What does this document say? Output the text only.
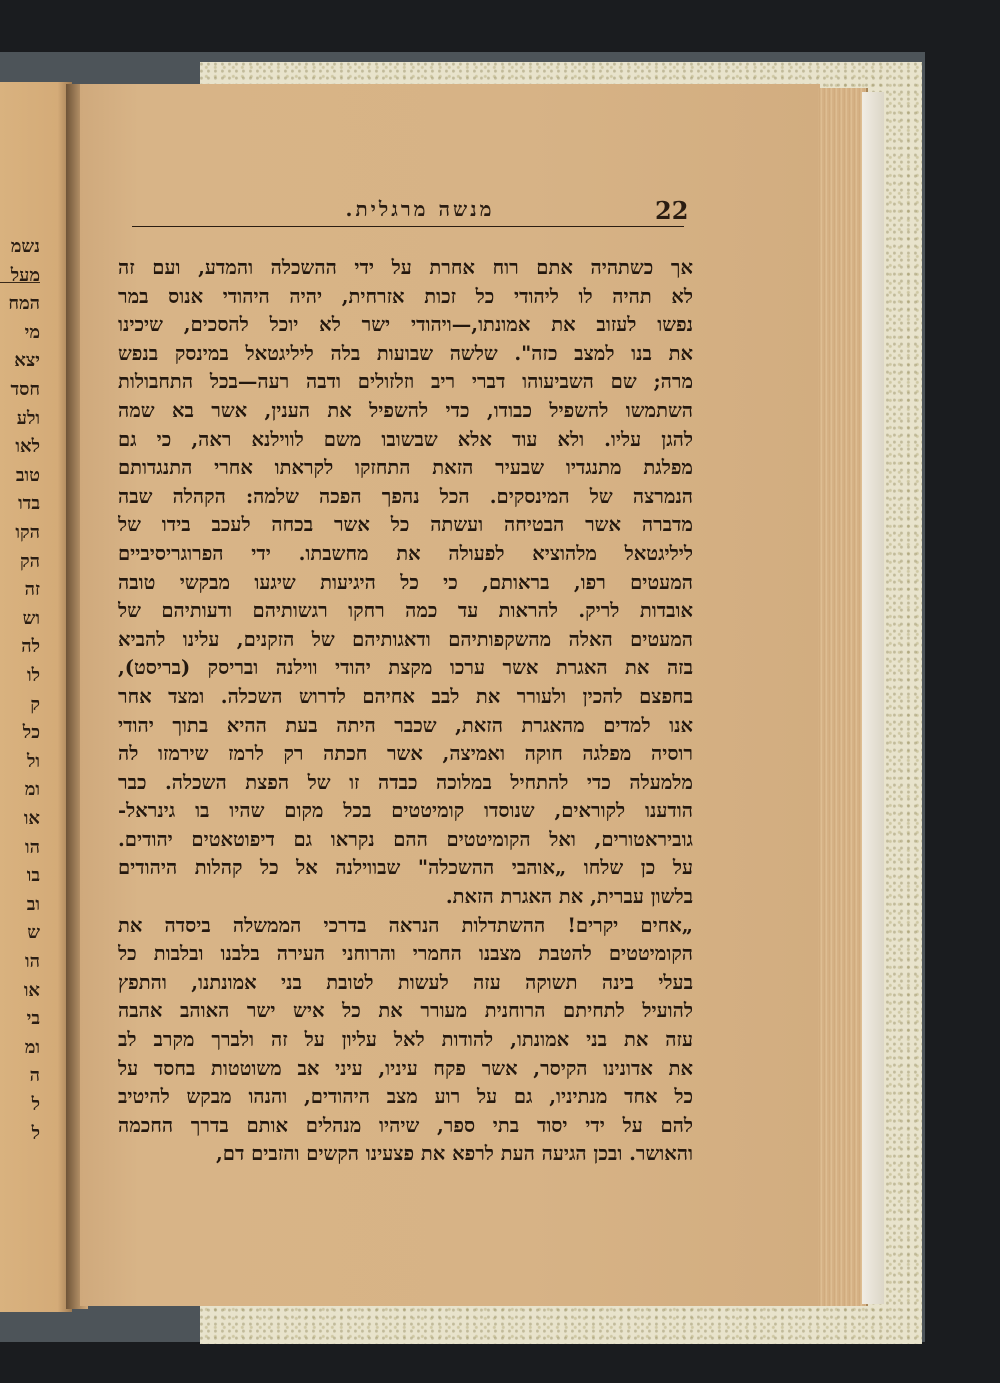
נשמ
מעל
המח
מי
יצא
חסד
ולע
לאו
טוב
בדו
הקו
הק
זה
וש
לה
לו
ק
כל
ול
ומ
או
הו
בו
וב
ש
הו
או
בי
ומ
ה
ל
ל
מנשה מרגלית.	22
אך כשתהיה אתם רוח אחרת על ידי ההשכלה והמדע, ועם זה
לא תהיה לו ליהודי כל זכות אזרחית, יהיה היהודי אנוס במר
נפשו לעזוב את אמונתו,—ויהודי ישר לא יוכל להסכים, שיכינו
את בנו למצב כזה". שלשה שבועות בלה ליליגטאל במינסק בנפש
מרה; שם השביעוהו דברי ריב וזלזולים ודבה רעה—בכל התחבולות
השתמשו להשפיל כבודו, כדי להשפיל את הענין, אשר בא שמה
להגן עליו. ולא עוד אלא שבשובו משם לווילנא ראה, כי גם
מפלגת מתנגדיו שבעיר הזאת התחזקו לקראתו אחרי התנגדותם
הנמרצה של המינסקים. הכל נהפך הפכה שלמה: הקהלה שבה
מדברה אשר הבטיחה ועשתה כל אשר בכחה לעכב בידו של
ליליגטאל מלהוציא לפעולה את מחשבתו. ידי הפרוגריסיביים
המעטים רפו, בראותם, כי כל היגיעות שיגעו מבקשי טובה
אובדות לריק. להראות עד כמה רחקו רגשותיהם ודעותיהם של
המעטים האלה מהשקפותיהם ודאגותיהם של הזקנים, עלינו להביא
בזה את האגרת אשר ערכו מקצת יהודי ווילנה ובריסק (בריסט),
בחפצם להכין ולעורר את לבב אחיהם לדרוש השכלה. ומצד אחר
אנו למדים מהאגרת הזאת, שכבר היתה בעת ההיא בתוך יהודי
רוסיה מפלגה חוקה ואמיצה, אשר חכתה רק לרמז שירמזו לה
מלמעלה כדי להתחיל במלוכה כבדה זו של הפצת השכלה. כבר
הודענו לקוראים, שנוסדו קומיטטים בכל מקום שהיו בו גינראל-
גוביראטורים, ואל הקומיטטים ההם נקראו גם דיפוטאטים יהודים.
על כן שלחו „אוהבי ההשכלה" שבווילנה אל כל קהלות היהודים
בלשון עברית, את האגרת הזאת.
„אחים יקרים! ההשתדלות הנראה בדרכי הממשלה ביסדה את
הקומיטטים להטבת מצבנו החמרי והרוחני העירה בלבנו ובלבות כל
בעלי בינה תשוקה עזה לעשות לטובת בני אמונתנו, והתפץ
להועיל לתחיתם הרוחנית מעורר את כל איש ישר האוהב אהבה
עזה את בני אמונתו, להודות לאל עליון על זה ולברך מקרב לב
את אדונינו הקיסר, אשר פקח עיניו, עיני אב משוטטות בחסד על
כל אחד מנתיניו, גם על רוע מצב היהודים, והנהו מבקש להיטיב
להם על ידי יסוד בתי ספר, שיהיו מנהלים אותם בדרך החכמה
והאושר. ובכן הגיעה העת לרפא את פצעינו הקשים והזבים דם,
